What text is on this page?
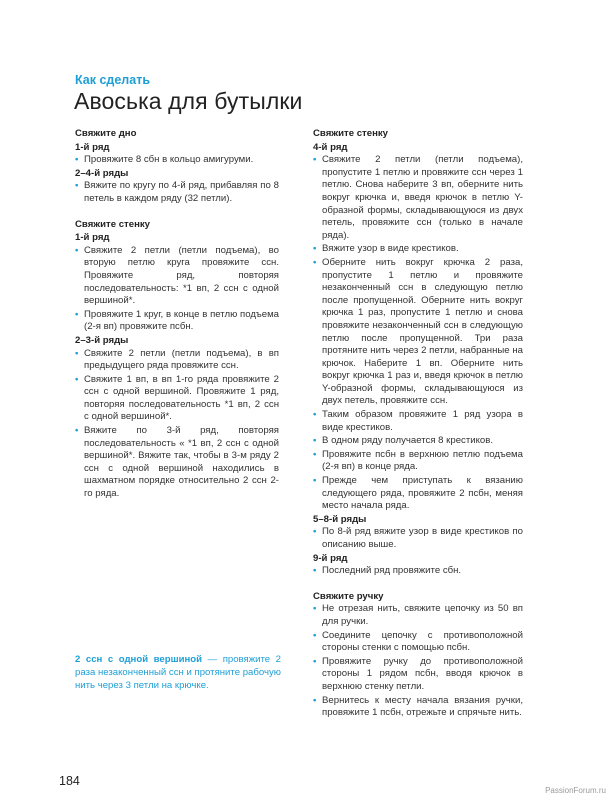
Как сделать
Авоська для бутылки

Свяжите дно

1-й ряд

• Провяжите 8 сбн в кольцо амигуруми.

2–4-й ряды

• Вяжите по кругу по 4-й ряд, прибавляя по 8 петель в каждом ряду (32 петли).

Свяжите стенку

1-й ряд

• Свяжите 2 петли (петли подъема), во вторую петлю круга провяжите ссн. Провяжите ряд, повторяя последовательность: *1 вп, 2 ссн с одной вершиной*.
• Провяжите 1 круг, в конце в петлю подъема (2-я вп) провяжите псбн.

2–3-й ряды

• Свяжите 2 петли (петли подъема), в вп предыдущего ряда провяжите ссн.
• Свяжите 1 вп, в вп 1-го ряда провяжите 2 ссн с одной вершиной. Провяжите 1 ряд, повторяя последовательность *1 вп, 2 ссн с одной вершиной*.
• Вяжите по 3-й ряд, повторяя последовательность « *1 вп, 2 ссн с одной вершиной*. Вяжите так, чтобы в 3-м ряду 2 ссн с одной вершиной находились в шахматном порядке относительно 2 ссн 2-го ряда.

Свяжите стенку

4-й ряд

• Свяжите 2 петли (петли подъема), пропустите 1 петлю и провяжите ссн через 1 петлю. Снова наберите 3 вп, оберните нить вокруг крючка и, введя крючок в петлю Y-образной формы, складывающуюся из двух петель, провяжите ссн (только в начале ряда).
• Вяжите узор в виде крестиков.
• Оберните нить вокруг крючка 2 раза, пропустите 1 петлю и провяжите незаконченный ссн в следующую петлю после пропущенной. Оберните нить вокруг крючка 1 раз, пропустите 1 петлю и снова провяжите незаконченный ссн в следующую петлю после пропущенной. Три раза протяните нить через 2 петли, набранные на крючок. Наберите 1 вп. Оберните нить вокруг крючка 1 раз и, введя крючок в петлю Y-образной формы, складывающуюся из двух петель, провяжите ссн.
• Таким образом провяжите 1 ряд узора в виде крестиков.
• В одном ряду получается 8 крестиков.
• Провяжите псбн в верхнюю петлю подъема (2-я вп) в конце ряда.
• Прежде чем приступать к вязанию следующего ряда, провяжите 2 псбн, меняя место начала ряда.

5–8-й ряды

• По 8-й ряд вяжите узор в виде крестиков по описанию выше.

9-й ряд

• Последний ряд провяжите сбн.

Свяжите ручку

• Не отрезая нить, свяжите цепочку из 50 вп для ручки.
• Соедините цепочку с противоположной стороны стенки с помощью псбн.
• Провяжите ручку до противоположной стороны 1 рядом псбн, вводя крючок в верхнюю стенку петли.
• Вернитесь к месту начала вязания ручки, провяжите 1 псбн, отрежьте и спрячьте нить.
2 ссн с одной вершиной — провяжите 2 раза незаконченный ссн и протяните рабочую нить через 3 петли на крючке.
184
PassionForum.ru
